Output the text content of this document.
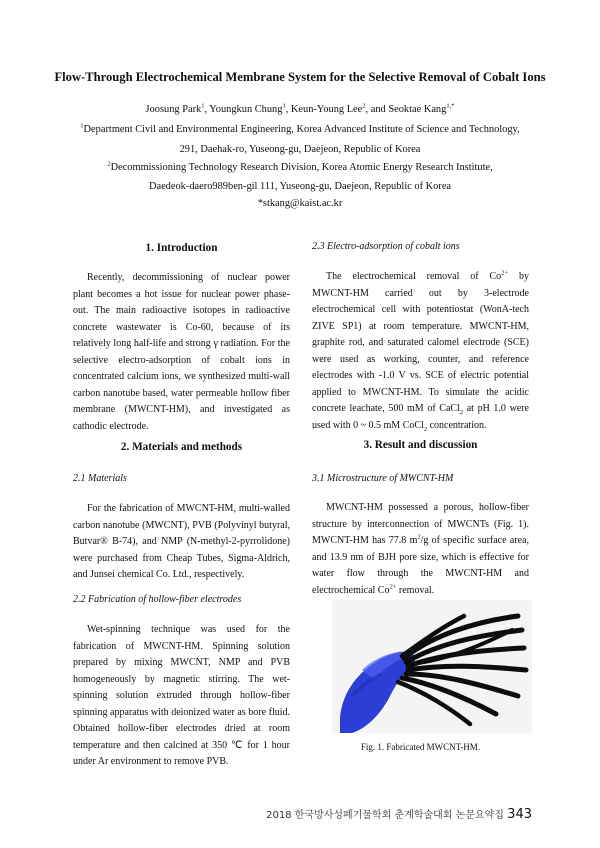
Flow-Through Electrochemical Membrane System for the Selective Removal of Cobalt Ions
Joosung Park$^1$, Youngkun Chung$^1$, Keun-Young Lee$^2$, and Seoktae Kang$^{1,*}$
$^1$Department Civil and Environmental Engineering, Korea Advanced Institute of Science and Technology,
291, Daehak-ro, Yuseong-gu, Daejeon, Republic of Korea
$^2$Decommissioning Technology Research Division, Korea Atomic Energy Research Institute,
Daedeok-daero989ben-gil 111, Yuseong-gu, Daejeon, Republic of Korea
*stkang@kaist.ac.kr
1. Introduction
Recently, decommissioning of nuclear power plant becomes a hot issue for nuclear power phase-out. The main radioactive isotopes in radioactive concrete wastewater is Co-60, because of its relatively long half-life and strong γ radiation. For the selective electro-adsorption of cobalt ions in concentrated calcium ions, we synthesized multi-wall carbon nanotube based, water permeable hollow fiber membrane (MWCNT-HM), and investigated as cathodic electrode.
2. Materials and methods
2.1 Materials
For the fabrication of MWCNT-HM, multi-walled carbon nanotube (MWCNT), PVB (Polyvinyl butyral, Butvar® B-74), and NMP (N-methyl-2-pyrrolidone) were purchased from Cheap Tubes, Sigma-Aldrich, and Junsei chemical Co. Ltd., respectively.
2.2 Fabrication of hollow-fiber electrodes
Wet-spinning technique was used for the fabrication of MWCNT-HM. Spinning solution prepared by mixing MWCNT, NMP and PVB homogeneously by magnetic stirring. The wet-spinning solution extruded through hollow-fiber spinning apparatus with deionized water as bore fluid. Obtained hollow-fiber electrodes dried at room temperature and then calcined at 350 ℃ for 1 hour under Ar environment to remove PVB.
2.3 Electro-adsorption of cobalt ions
The electrochemical removal of $Co^{2+}$ by MWCNT-HM carried out by 3-electrode electrochemical cell with potentiostat (WonA-tech ZIVE SP1) at room temperature. MWCNT-HM, graphite rod, and saturated calomel electrode (SCE) were used as working, counter, and reference electrodes with -1.0 V vs. SCE of electric potential applied to MWCNT-HM. To simulate the acidic concrete leachate, 500 mM of CaCl$_2$ at pH 1.0 were used with 0 ~ 0.5 mM CoCl$_2$ concentration.
3. Result and discussion
3.1 Microstructure of MWCNT-HM
MWCNT-HM possessed a porous, hollow-fiber structure by interconnection of MWCNTs (Fig. 1). MWCNT-HM has 77.8 $m^2/g$ of specific surface area, and 13.9 nm of BJH pore size, which is effective for water flow through the MWCNT-HM and electrochemical $Co^{2+}$ removal.
Fig. 1. Fabricated MWCNT-HM.
2018 한국방사성폐기물학회 춘계학술대회 논문요약집 343
